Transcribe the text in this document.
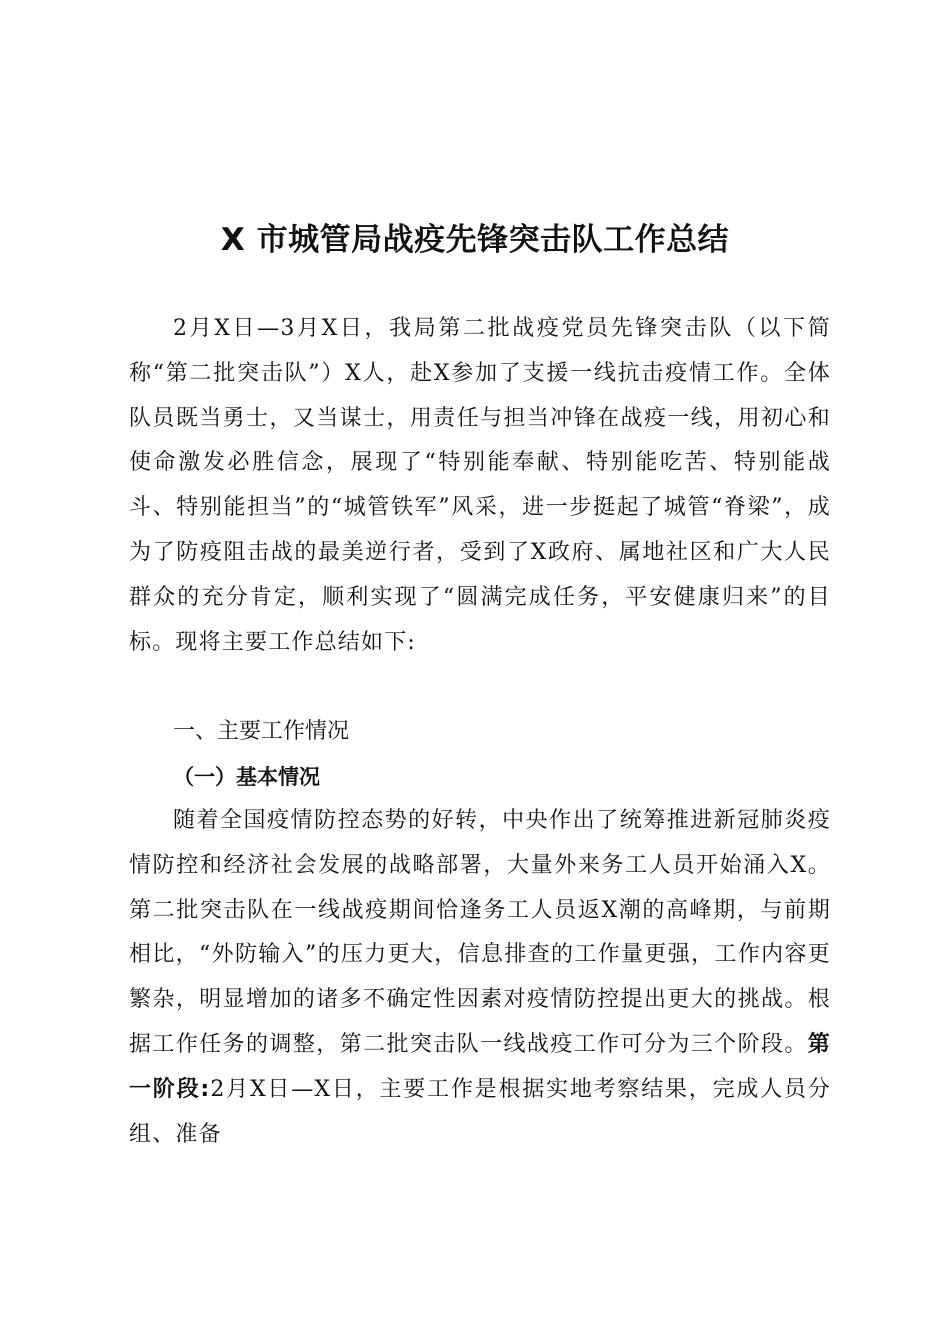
X 市城管局战疫先锋突击队工作总结
2月X日—3月X日，我局第二批战疫党员先锋突击队（以下简称“第二批突击队”）X人，赴X参加了支援一线抗击疫情工作。全体队员既当勇士，又当谋士，用责任与担当冲锋在战疫一线，用初心和使命激发必胜信念，展现了“特别能奉献、特别能吃苦、特别能战斗、特别能担当”的“城管铁军”风采，进一步挺起了城管“脊梁”，成为了防疫阻击战的最美逆行者，受到了X政府、属地社区和广大人民群众的充分肯定，顺利实现了“圆满完成任务，平安健康归来”的目标。现将主要工作总结如下:
一、主要工作情况
（一）基本情况
随着全国疫情防控态势的好转，中央作出了统筹推进新冠肺炎疫情防控和经济社会发展的战略部署，大量外来务工人员开始涌入X。第二批突击队在一线战疫期间恰逢务工人员返X潮的高峰期，与前期相比，“外防输入”的压力更大，信息排查的工作量更强，工作内容更繁杂，明显增加的诸多不确定性因素对疫情防控提出更大的挑战。根据工作任务的调整，第二批突击队一线战疫工作可分为三个阶段。第一阶段:2月X日—X日，主要工作是根据实地考察结果，完成人员分组、准备
